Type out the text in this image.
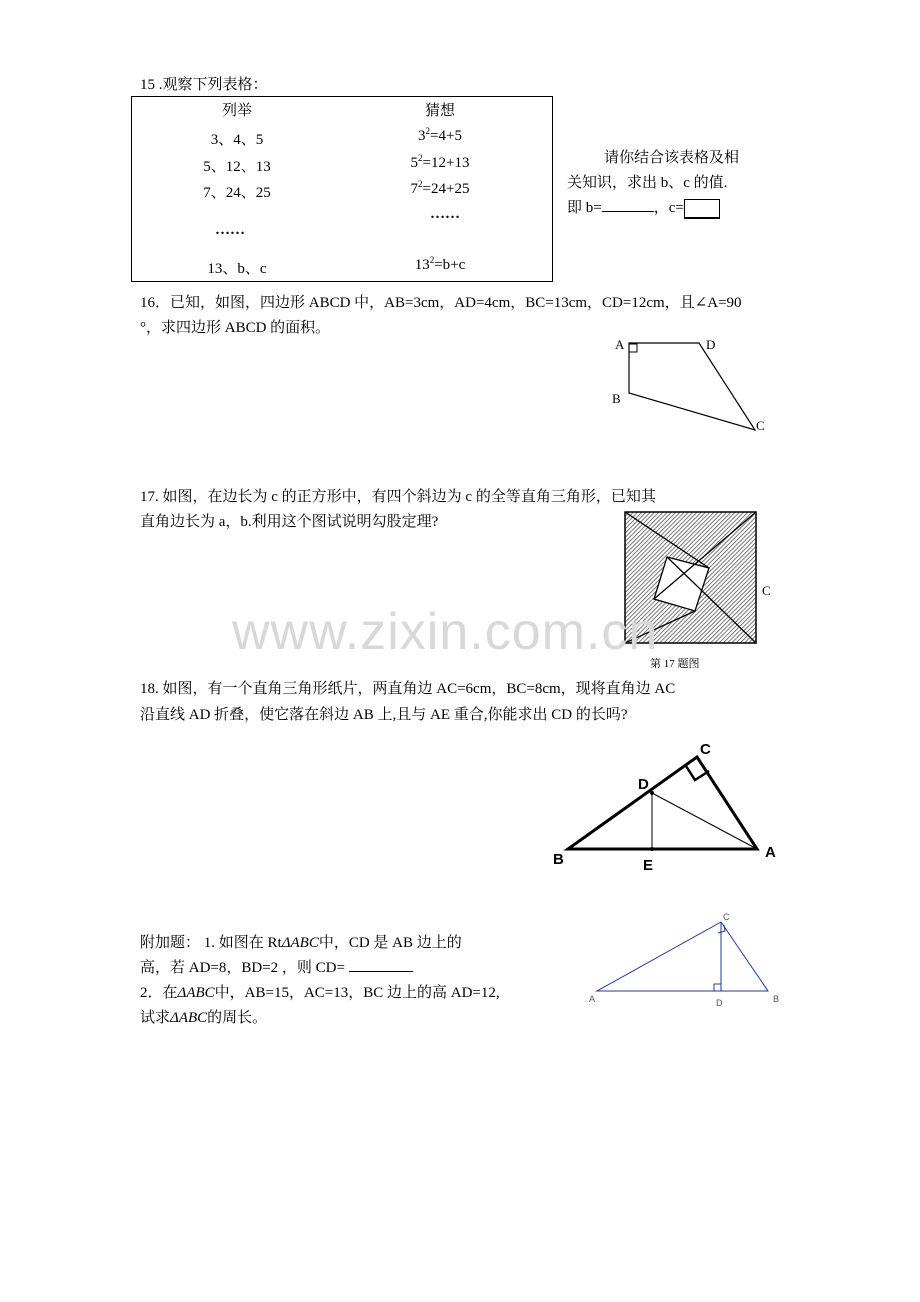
15 .观察下列表格：
列举	猜想
3、4、5	$3^2=4+5$
5、12、13	$5^2=12+13$
7、24、25	$7^2=24+25$
……
……
13、b、c	$13^2=b+c$
请你结合该表格及相
关知识，求出 b、c 的值.
即 b=	，c=
16．已知，如图，四边形 ABCD 中，AB=3cm，AD=4cm，BC=13cm，CD=12cm，且∠A=90
°，求四边形 ABCD 的面积。
A	D
B
C
17. 如图，在边长为 c 的正方形中，有四个斜边为 c 的全等直角三角形，已知其
直角边长为 a，b.利用这个图试说明勾股定理?
C
第 17 题图
www.zixin.com.cn
18. 如图，有一个直角三角形纸片，两直角边 AC=6cm，BC=8cm，现将直角边 AC
沿直线 AD 折叠，使它落在斜边 AB 上,且与 AE 重合,你能求出 CD 的长吗?
C
D
B	E
A
附加题： 1. 如图在 RtΔABC中，CD 是 AB 边上的
高，若 AD=8，BD=2 ，则 CD=
2．在ΔABC中，AB=15，AC=13，BC 边上的高 AD=12,
试求ΔABC的周长。
C
A	D	B
